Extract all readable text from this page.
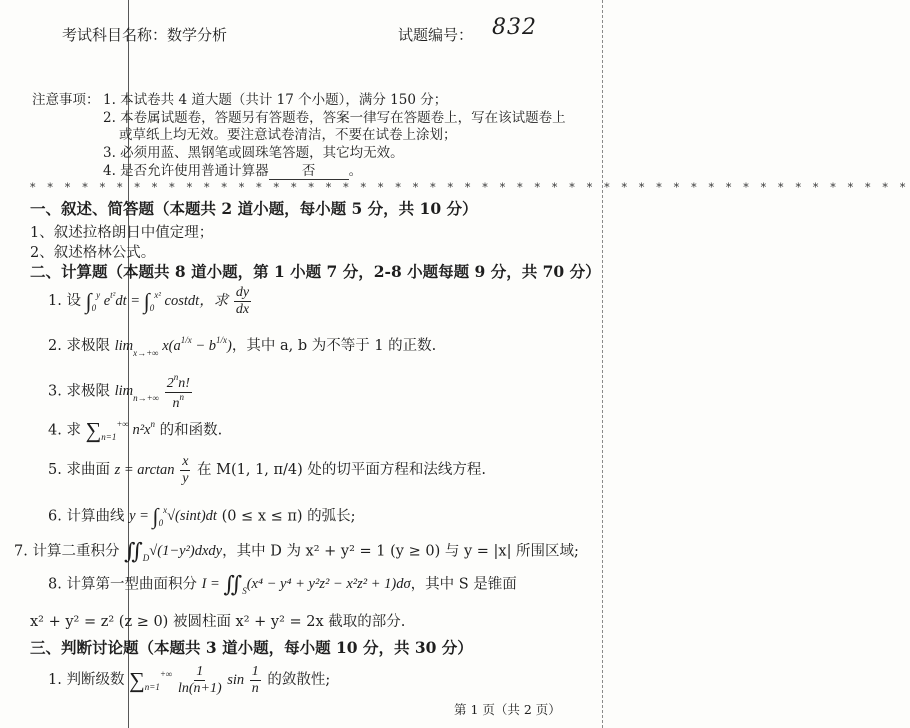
考试科目名称：数学分析	试题编号： 832
注意事项： 1. 本试卷共 4 道大题（共计 17 个小题），满分 150 分；
2. 本卷属试题卷，答题另有答题卷，答案一律写在答题卷上，写在该试题卷上
或草纸上均无效。要注意试卷清洁，不要在试卷上涂划；
3. 必须用蓝、黑钢笔或圆珠笔答题，其它均无效。
4. 是否允许使用普通计算器 否 。
* * * * * * * * * * * * * * * * * * * * * * * * * * * * * * * * * * * * * * * * * * * * * * * * * * *
一、叙述、简答题（本题共 2 道小题，每小题 5 分，共 10 分）
1、叙述拉格朗日中值定理；
2、叙述格林公式。
二、计算题（本题共 8 道小题，第 1 小题 7 分，2-8 小题每题 9 分，共 70 分）
1. 设 $\int_0^y$ $e^{t^2}dt = \int_0^{x^2}$ costdt，求 $\frac{dy}{dx}$
2. 求极限 $\lim_{x\to+\infty} x(a^{1/x} - b^{1/x})$，其中 a, b 为不等于 1 的正数.
3. 求极限 $\lim_{n\to+\infty} \frac{2^nn!}{n^n}$
4. 求 $\sum_{n=1}^{+\infty}$ $n^2x^n$ 的和函数.
5. 求曲面 $z = \arctan \frac{x}{y}$ 在 M(1, 1, π/4) 处的切平面方程和法线方程.
6. 计算曲线 $y = \int_0^x√(\sin t)dt$ (0 ≤ x ≤ π) 的弧长;
7. 计算二重积分 $∬_D√(1-y^2)dxdy$，其中 D 为 x² + y² = 1 (y ≥ 0) 与 y = |x| 所围区域;
8. 计算第一型曲面积分 $I = ∬_S(x^4 - y^4 + y^2z^2 - x^2z^2 + 1)d\sigma$，其中 S 是锥面
x² + y² = z² (z ≥ 0) 被圆柱面 x² + y² = 2x 截取的部分.
三、判断讨论题（本题共 3 道小题，每小题 10 分，共 30 分）
1. 判断级数 $\sum_{n=1}^{+\infty} \frac{1}{\ln(n+1)}$ $\sin \frac{1}{n}$ 的敛散性;
第 1 页（共 2 页）
